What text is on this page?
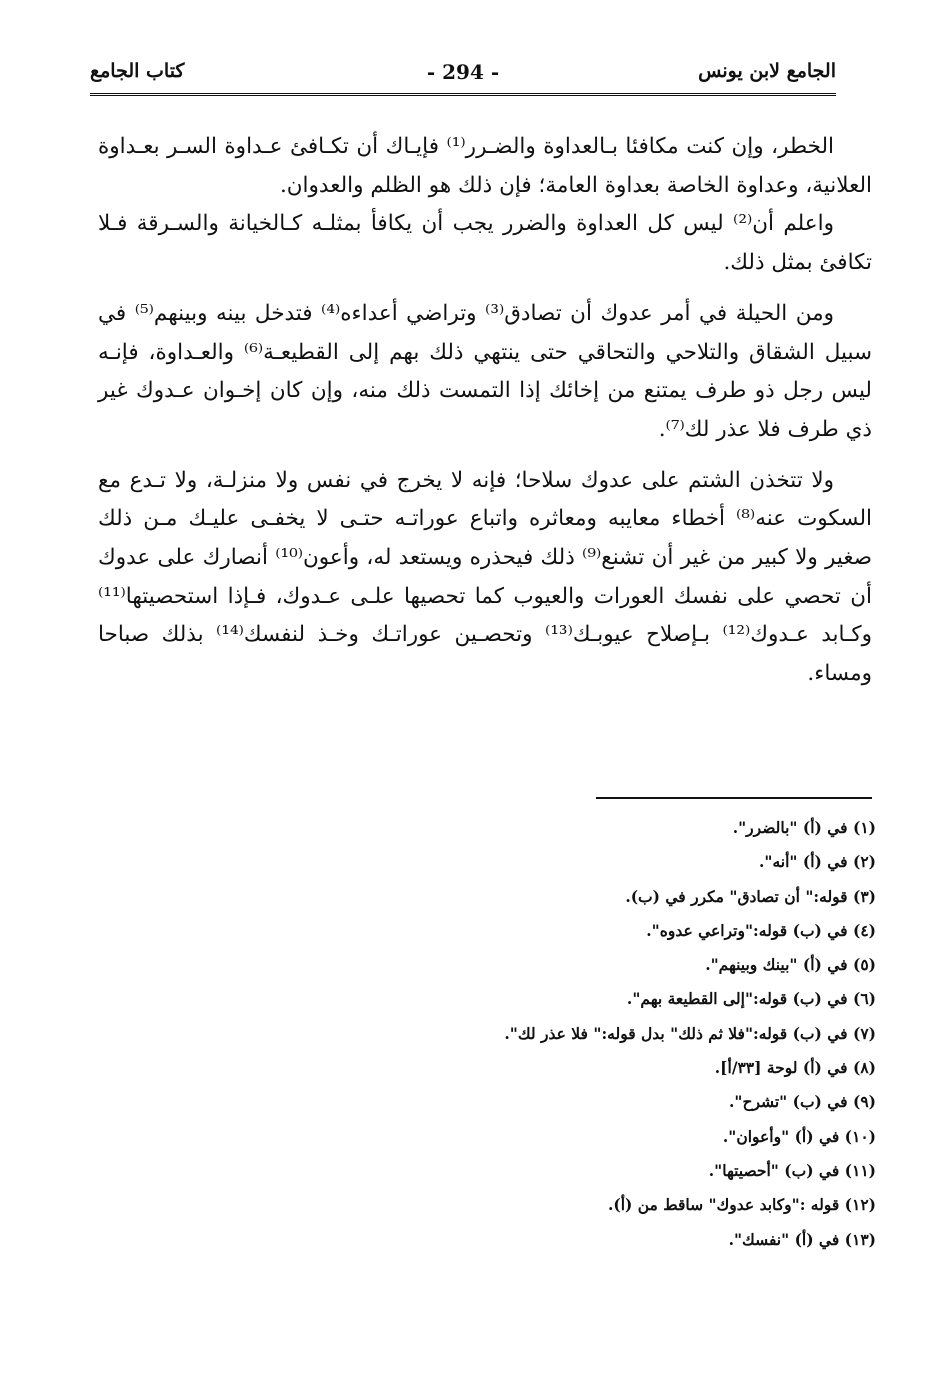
الجامع لابن يونس
- 294 -
كتاب الجامع

الخطر، وإن كنت مكافئا بـالعداوة والضـرر⁽¹⁾ فإيـاك أن تكـافئ عـداوة السـر بعـداوة العلانية، وعداوة الخاصة بعداوة العامة؛ فإن ذلك هو الظلم والعدوان.

واعلم أن⁽²⁾ ليس كل العداوة والضرر يجب أن يكافأ بمثلـه كـالخيانة والسـرقة فـلا تكافئ بمثل ذلك.

ومن الحيلة في أمر عدوك أن تصادق⁽³⁾ وتراضي أعداءه⁽⁴⁾ فتدخل بينه وبينهم⁽⁵⁾ في سبيل الشقاق والتلاحي والتحاقي حتى ينتهي ذلك بهم إلى القطيعـة⁽⁶⁾ والعـداوة، فإنـه ليس رجل ذو طرف يمتنع من إخائك إذا التمست ذلك منه، وإن كان إخـوان عـدوك غير ذي طرف فلا عذر لك⁽⁷⁾.

ولا تتخذن الشتم على عدوك سلاحا؛ فإنه لا يخرج في نفس ولا منزلـة، ولا تـدع مع السكوت عنه⁽⁸⁾ أخطاء معايبه ومعاثره واتباع عوراتـه حتـى لا يخفـى عليـك مـن ذلك صغير ولا كبير من غير أن تشنع⁽⁹⁾ ذلك فيحذره ويستعد له، وأعون⁽¹⁰⁾ أنصارك على عدوك أن تحصي على نفسك العورات والعيوب كما تحصيها علـى عـدوك، فـإذا استحصيتها⁽¹¹⁾ وكـابد عـدوك⁽¹²⁾ بـإصلاح عيوبـك⁽¹³⁾ وتحصـين عوراتـك وخـذ لنفسك⁽¹⁴⁾ بذلك صباحا ومساء.

(١) في (أ) "بالضرر".
(٢) في (أ) "أنه".
(٣) قوله:" أن تصادق" مكرر في (ب).
(٤) في (ب) قوله:"وتراعي عدوه".
(٥) في (أ) "بينك وبينهم".
(٦) في (ب) قوله:"إلى القطيعة بهم".
(٧) في (ب) قوله:"فلا ثم ذلك" بدل قوله:" فلا عذر لك".
(٨) في (أ) لوحة [٣٣/أ].
(٩) في (ب) "تشرح".
(١٠) في (أ) "وأعوان".
(١١) في (ب) "أحصيتها".
(١٢) قوله :"وكابد عدوك" ساقط من (أ).
(١٣) في (أ) "نفسك".
